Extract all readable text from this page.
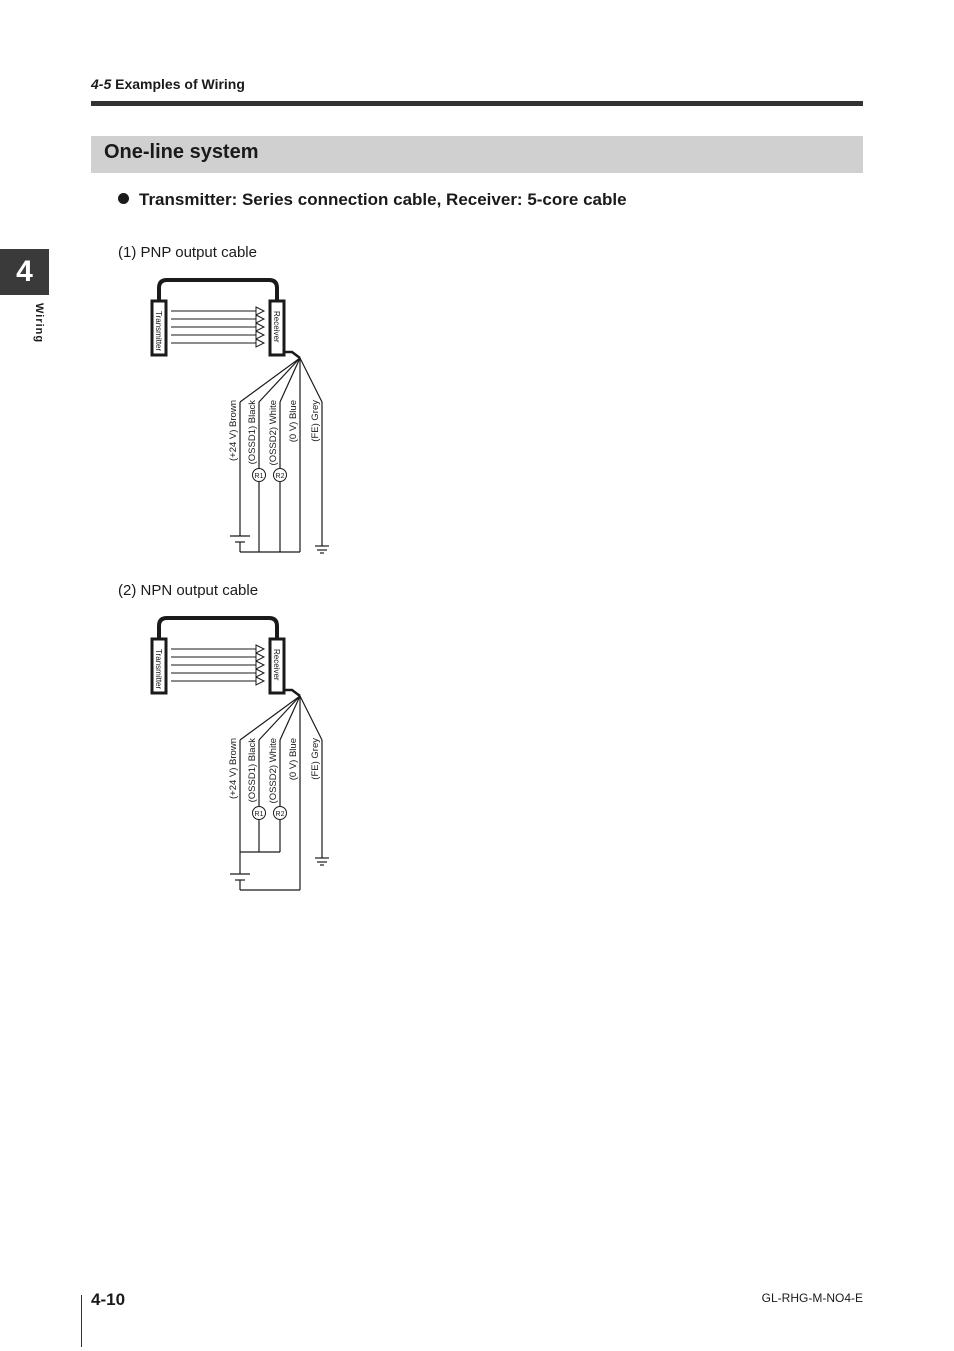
4-5 Examples of Wiring
One-line system
Transmitter: Series connection cable, Receiver: 5-core cable
4
Wiring
(1) PNP output cable
(2) NPN output cable
Transmitter	Receiver
(+24 V) Brown (OSSD1) Black (OSSD2) White (0 V) Blue (FE) Grey
R1 R2
Transmitter	Receiver
(+24 V) Brown (OSSD1) Black (OSSD2) White (0 V) Blue (FE) Grey
R1 R2
4-10	GL-RHG-M-NO4-E
